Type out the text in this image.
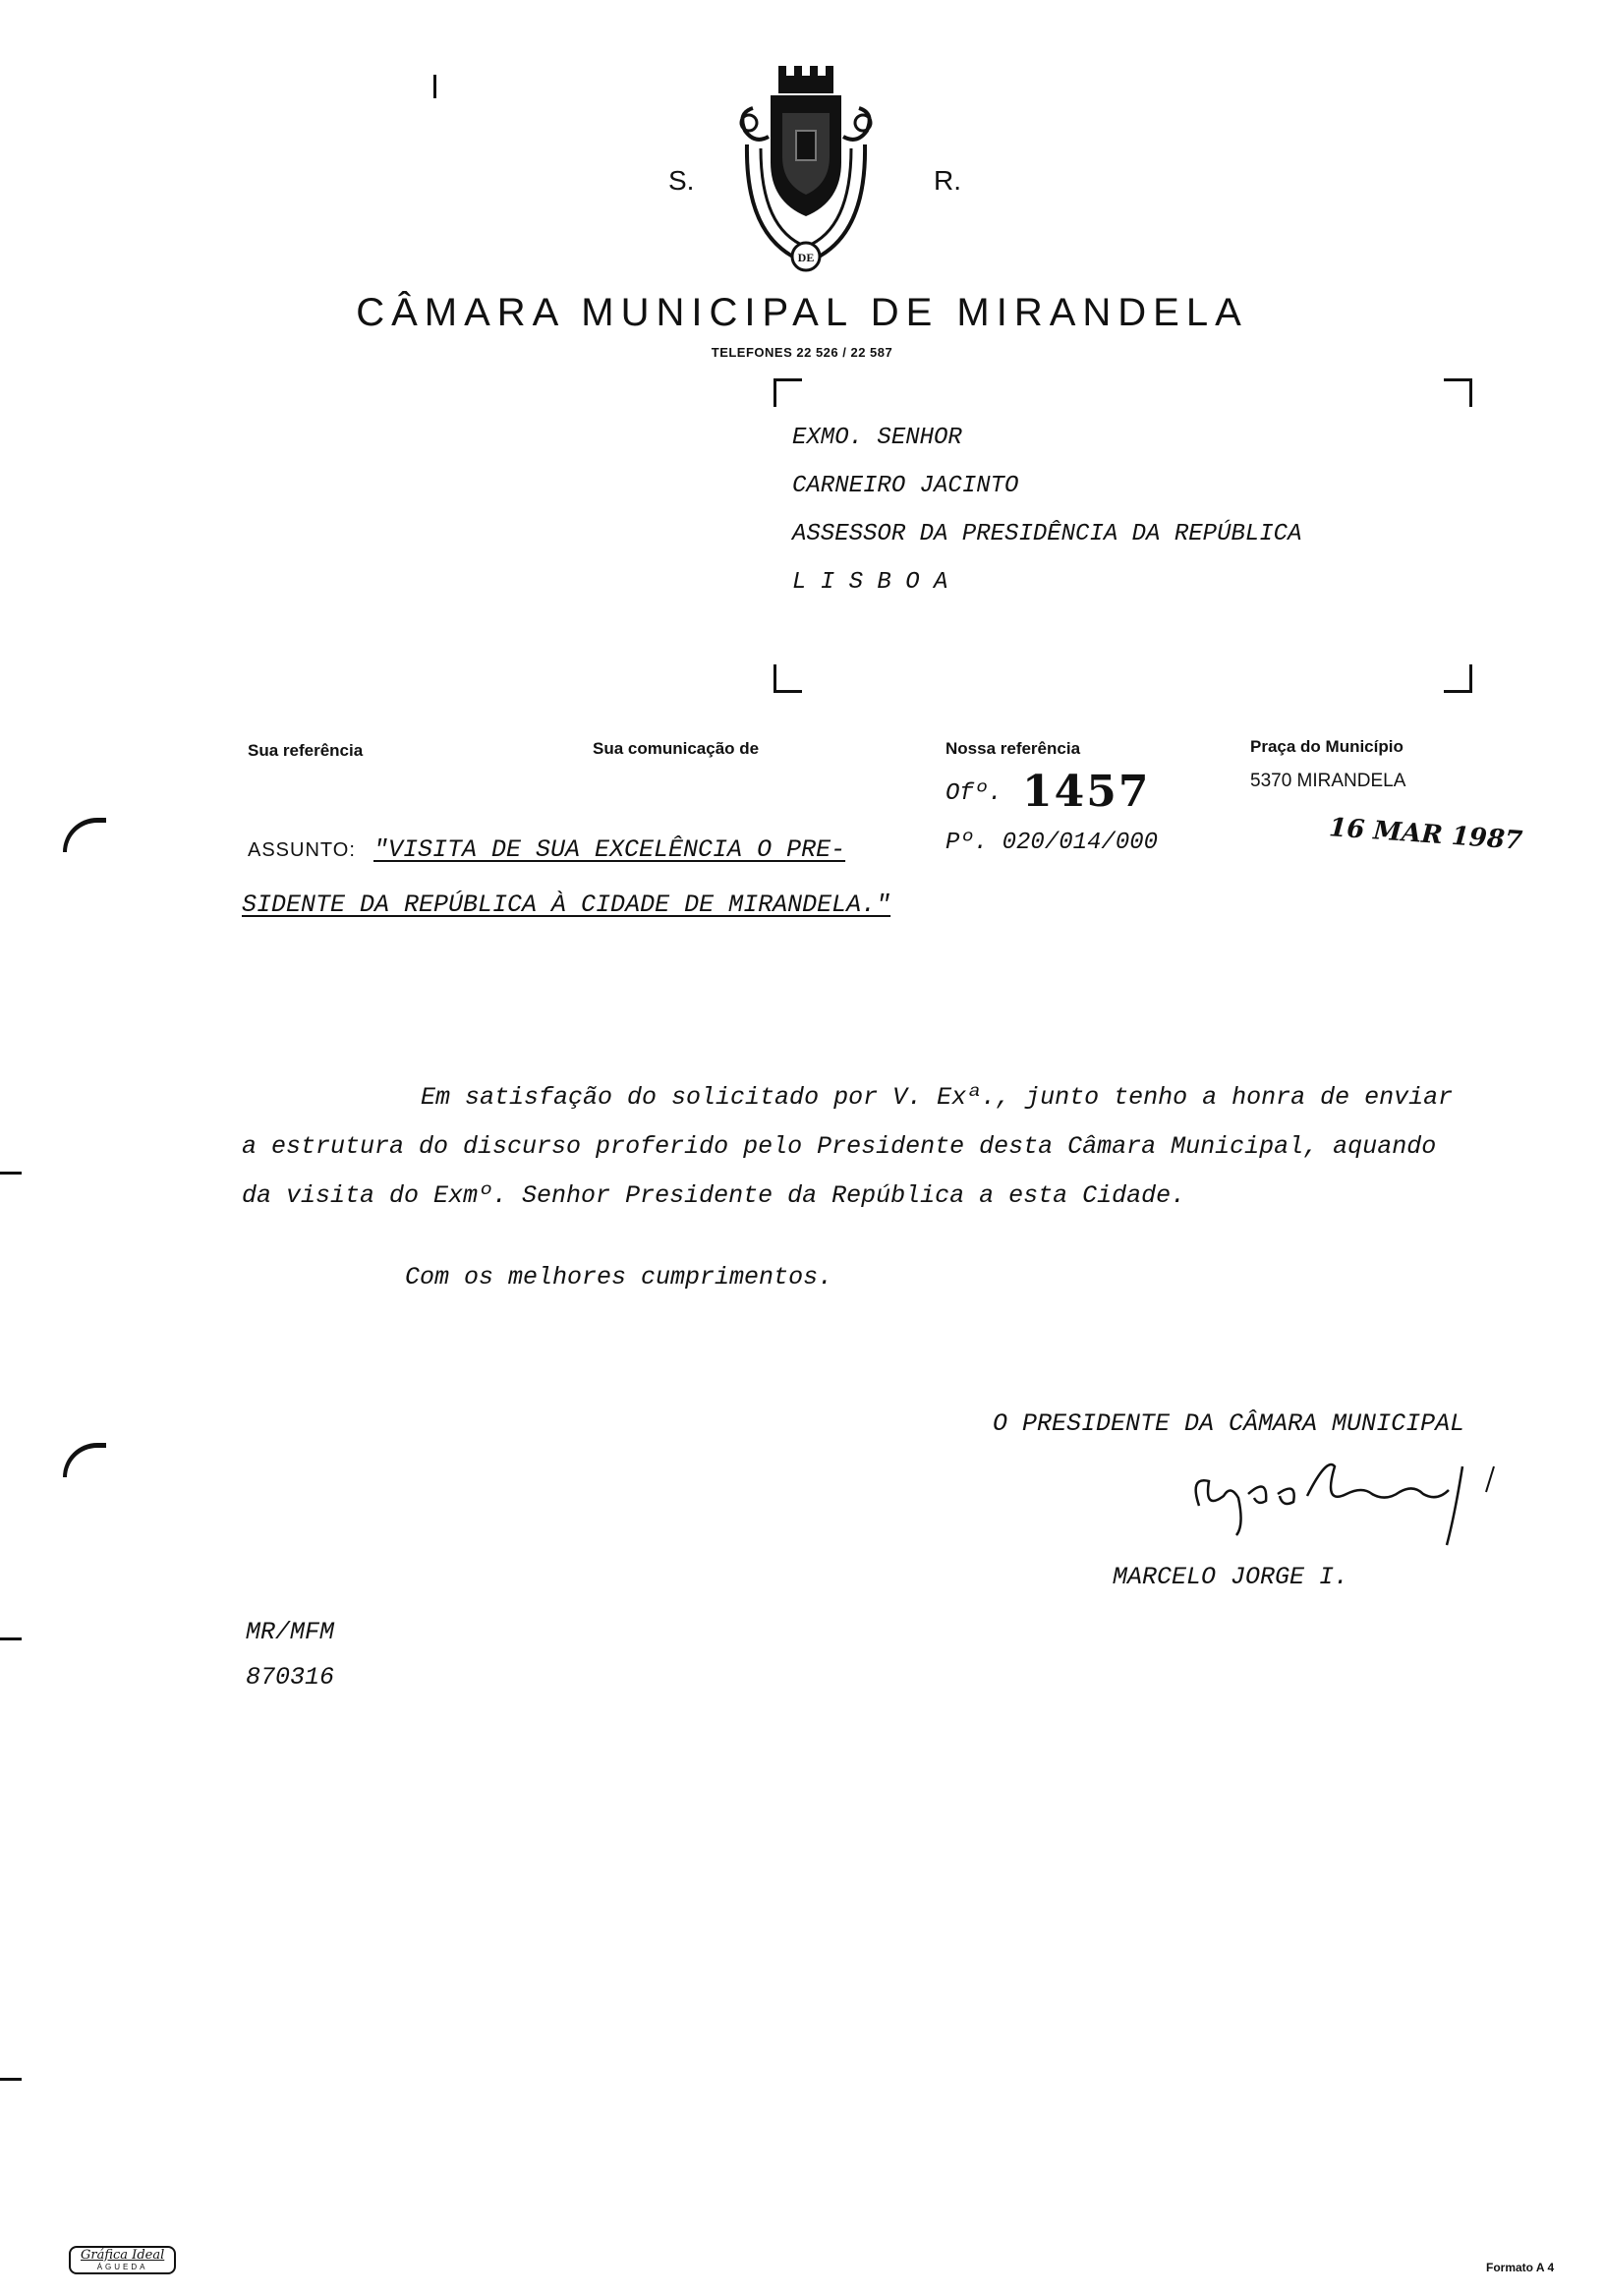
DE
S.	R.
CÂMARA MUNICIPAL DE MIRANDELA
TELEFONES 22 526 / 22 587
EXMO. SENHOR
CARNEIRO JACINTO
ASSESSOR DA PRESIDÊNCIA DA REPÚBLICA
L I S B O A
Sua referência	Sua comunicação de	Nossa referência	Praça do Município
5370 MIRANDELA
Ofº. 1457
Pº. 020/014/000	16 MAR 1987
ASSUNTO: "VISITA DE SUA EXCELÊNCIA O PRE-
SIDENTE DA REPÚBLICA À CIDADE DE MIRANDELA."
Em satisfação do solicitado por V. Exª., junto tenho a honra de enviar
a estrutura do discurso proferido pelo Presidente desta Câmara Municipal, aquando
da visita do Exmº. Senhor Presidente da República a esta Cidade.
Com os melhores cumprimentos.
O PRESIDENTE DA CÂMARA MUNICIPAL
MARCELO JORGE I.
MR/MFM
870316
Gráfica Ideal
ÁGUEDA	Formato A 4
